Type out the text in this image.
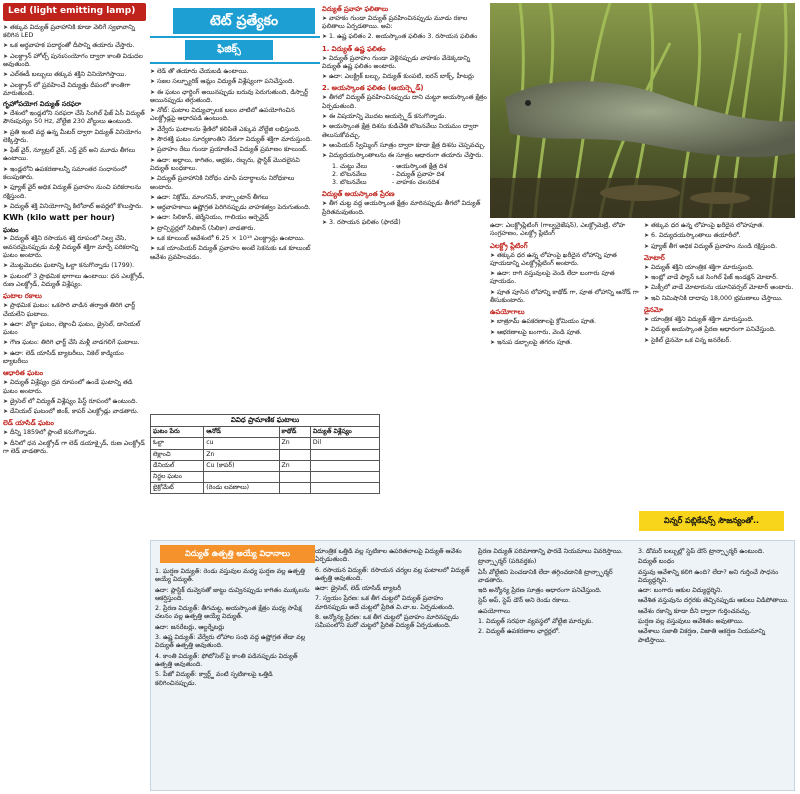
Led (light emitting lamp)
➤ తక్కువ విద్యుత్ ప్రవాహానికి కూడా వెలిగే స్వభావాన్ని కలిగిన LED
➤ ఒక అర్ధవాహక పదార్థంతో దీపాన్ని తయారు చేస్తారు.
➤ ఎలక్ట్రాన్ హోల్స్ పునఃసంయోగం ద్వారా కాంతి విడుదల అవుతుంది.
➤ ఎల్ఈడీ బల్బులు తక్కువ శక్తిని వినియోగిస్తాయి.
➤ ఎలక్ట్రాన్ లో ప్రవహించే విద్యుత్తు దీపంలో కాంతిగా మారుతుంది.
గృహోపయోగ విద్యుత్ సరఫరా
➤ దేశంలో ఇండ్లలోని సరఫరా చేసే సింగిల్ ఫేజ్ ఏసీ విద్యుత్ పౌనఃపున్యం 50 Hz, వోల్టేజి 230 వోల్టులు ఉంటుంది.
➤ ప్రతి ఇంటి వద్ద ఉన్న మీటర్ ద్వారా విద్యుత్ వినియోగం లెక్కిస్తారు.
➤ ఫేజ్ వైర్, న్యూట్రల్ వైర్, ఎర్త్ వైర్ అని మూడు తీగలు ఉంటాయి.
➤ ఇండ్లలోని ఉపకరణాలన్నీ సమాంతర సంధానంలో కలుపుతారు.
➤ ఫ్యూజ్ వైర్ అధిక విద్యుత్ ప్రవాహం నుంచి పరికరాలను రక్షిస్తుంది.
➤ విద్యుత్ శక్తి వినియోగాన్ని కిలోవాట్ అవర్లలో కొలుస్తారు.
KWh (kilo watt per hour)
ఘటం
➤ విద్యుత్ శక్తిని రసాయన శక్తి రూపంలో నిల్వ చేసి, అవసరమైనప్పుడు మళ్లీ విద్యుత్ శక్తిగా మార్చే పరికరాన్ని ఘటం అంటారు.
➤ మొట్టమొదట ఘటాన్ని ఓల్టా కనుగొన్నాడు (1799).
➤ ఘటంలో 3 ప్రాథమిక భాగాలు ఉంటాయి: ధన ఎలక్ట్రోడ్, రుణ ఎలక్ట్రోడ్, విద్యుత్ విశ్లేష్యం.
ఘటాల రకాలు
➤ ప్రాథమిక ఘటం: ఒకసారి వాడిన తర్వాత తిరిగి ఛార్జ్ చేయలేని ఘటాలు.
➤ ఉదా: వోల్టా ఘటం, లెక్లాంచీ ఘటం, డ్రైసెల్, డానియల్ ఘటం
➤ గౌణ ఘటం: తిరిగి ఛార్జ్ చేసి మళ్లీ వాడగలిగే ఘటాలు.
➤ ఉదా: లెడ్ యాసిడ్ బ్యాటరీలు, నికెల్ కాడ్మియం బ్యాటరీలు
ఆధారిత ఘటం
➤ విద్యుత్ విశ్లేష్యం ద్రవ రూపంలో ఉండే ఘటాన్ని తడి ఘటం అంటారు.
➤ డ్రైసెల్ లో విద్యుత్ విశ్లేష్యం పేస్ట్ రూపంలో ఉంటుంది.
➤ డేనియల్ ఘటంలో జింక్, కాపర్ ఎలక్ట్రోడ్లు వాడతారు.
లెడ్ యాసిడ్ ఘటం
➤ దీన్ని 1859లో ప్లాంటే కనుగొన్నాడు.
➤ దీనిలో ధన ఎలక్ట్రోడ్ గా లెడ్ డయాక్సైడ్, రుణ ఎలక్ట్రోడ్ గా లెడ్ వాడతారు.
టెట్ ప్రత్యేకం
ఫిజిక్స్
➤ లెడ్ తో తయారు చేయబడి ఉంటాయి.
➤ సజల సల్ఫ్యూరిక్ ఆమ్లం విద్యుత్ విశ్లేష్యంగా పనిచేస్తుంది.
➤ ఈ ఘటం ఛార్జింగ్ అయినప్పుడు బరువు పెరుగుతుంది, డిస్చార్జ్ అయినప్పుడు తగ్గుతుంది.
➤ నోట్: ఘటాల విద్యుచ్ఛాలక బలం వాటిలో ఉపయోగించిన ఎలక్ట్రోడ్లపై ఆధారపడి ఉంటుంది.
➤ వేర్వేరు ఘటాలను శ్రేణిలో కలిపితే ఎక్కువ వోల్టేజి లభిస్తుంది.
➤ సౌరశక్తి ఘటం సూర్యకాంతిని నేరుగా విద్యుత్ శక్తిగా మారుస్తుంది.
➤ ప్రవాహం రేటు గుండా ప్రయాణించే విద్యుత్ ప్రమాణం కూలుంబ్.
➤ ఉదా: అద్దాలు, కాగితం, అభ్రకం, రబ్బరు, ప్లాస్టిక్ మొదలైనవి విద్యుత్ బంధకాలు.
➤ విద్యుత్ ప్రవాహానికి నిరోధం చూపే పదార్థాలను నిరోధకాలు అంటారు.
➤ ఉదా: నిక్రోమ్, మాంగనిన్, కాన్స్టాంటాన్ తీగలు
➤ అర్ధవాహకాలు ఉష్ణోగ్రత పెరిగినప్పుడు వాహకత్వం పెరుగుతుంది.
➤ ఉదా: సిలికాన్, జెర్మేనియం, గాలియం ఆర్సెనైడ్
➤ ట్రాన్సిస్టర్లలో సిలికాన్ (సిలికా) వాడతారు.
➤ ఒక కూలుంబ్ ఆవేశంలో 6.25 × 10¹⁸ ఎలక్ట్రాన్లు ఉంటాయి.
➤ ఒక యాంపియర్ విద్యుత్ ప్రవాహం అంటే సెకనుకు ఒక కూలుంబ్ ఆవేశం ప్రవహించడం.
విద్యుత్ ప్రవాహ ఫలితాలు
➤ వాహకం గుండా విద్యుత్ ప్రవహించినప్పుడు మూడు రకాల ఫలితాలు ఏర్పడతాయి. అవి:
➤ 1. ఉష్ణ ఫలితం 2. అయస్కాంత ఫలితం 3. రసాయన ఫలితం
1. విద్యుత్ ఉష్ణ ఫలితం
➤ విద్యుత్ ప్రవాహం గుండా వెళ్లినప్పుడు వాహకం వేడెక్కడాన్ని విద్యుత్ ఉష్ణ ఫలితం అంటారు.
➤ ఉదా: ఎలక్ట్రిక్ బల్బు, విద్యుత్ కుంపటి, ఐరన్ బాక్స్, హీటర్లు
2. అయస్కాంత ఫలితం (ఆయర్స్టెడ్)
➤ తీగలో విద్యుత్ ప్రవహించినప్పుడు దాని చుట్టూ అయస్కాంత క్షేత్రం ఏర్పడుతుంది.
➤ ఈ విషయాన్ని మొదట ఆయర్స్టెడ్ కనుగొన్నాడు.
➤ అయస్కాంత క్షేత్ర దిశను కుడిచేతి బొటనవేలు నియమం ద్వారా తెలుసుకోవచ్చు.
➤ ఆంపియర్ స్విమ్మింగ్ సూత్రం ద్వారా కూడా క్షేత్ర దిశను చెప్పవచ్చు.
➤ విద్యుదయస్కాంతాలను ఈ సూత్రం ఆధారంగా తయారు చేస్తారు.
1. చుట్టు వేలు	- అయస్కాంత క్షేత్ర దిశ
2. బొటనవేలు	- విద్యుత్ ప్రవాహ దిశ
3. బొటనవేలు	- వాహకం చలనదిశ
విద్యుత్ అయస్కాంత ప్రేరణ
➤ తీగ చుట్ట వద్ద అయస్కాంత క్షేత్రం మారినప్పుడు తీగలో విద్యుత్ ప్రేరితమవుతుంది.
➤ 3. రసాయన ఫలితం (ఫారడే)
వివిధ ప్రామాణిక ఘటాలు
ఘటం పేరు	ఆనోడ్	కాథోడ్	విద్యుత్ విశ్లేష్యం
ఓల్టా	cu	Zn	Dil
లెక్లాంచి	Zn		
డేనియల్	Cu (కాపర్)	Zn	
నిర్జల ఘటం			
బైక్రోమేట్	(రెండు లవణాలు)		
ఉదా: ఎలక్ట్రోప్లేటింగ్ (గాల్వనైజేషన్), ఎలక్ట్రోమెట్రీ, లోహ సంగ్రహణం, ఎలక్ట్రో ప్లేటింగ్
ఎలక్ట్రో ప్లేటింగ్
➤ తక్కువ ధర ఉన్న లోహంపై ఖరీదైన లోహాన్ని పూత పూయడాన్ని ఎలక్ట్రోప్లేటింగ్ అంటారు.
➤ ఉదా: రాగి వస్తువులపై వెండి లేదా బంగారు పూత పూయడం.
➤ పూత పూసిన లోహాన్ని కాథోడ్ గా, పూత లోహాన్ని ఆనోడ్ గా తీసుకుంటారు.
ఉపయోగాలు
➤ బాత్రూమ్ ఉపకరణాలపై క్రోమియం పూత.
➤ ఆభరణాలపై బంగారు, వెండి పూత.
➤ ఇనుప డబ్బాలపై తగరం పూత.
➤ తక్కువ ధర ఉన్న లోహంపై ఖరీదైన లోహపూత.
➤ 6. విద్యుదయస్కాంతాలు తయారీలో.
➤ ఫ్యూజ్ తీగ అధిక విద్యుత్ ప్రవాహం నుండి రక్షిస్తుంది.
మోటార్
➤ విద్యుత్ శక్తిని యాంత్రిక శక్తిగా మారుస్తుంది.
➤ ఇంట్లో వాడే ఫ్యాన్ ఒక సింగిల్ ఫేజ్ ఇండక్షన్ మోటార్.
➤ మిక్సీలో వాడే మోటారును యూనివర్సల్ మోటార్ అంటారు.
➤ ఇవి నిమిషానికి దాదాపు 18,000 భ్రమణాలు చేస్తాయి.
డైనమో
➤ యాంత్రిక శక్తిని విద్యుత్ శక్తిగా మారుస్తుంది.
➤ విద్యుత్ అయస్కాంత ప్రేరణ ఆధారంగా పనిచేస్తుంది.
➤ సైకిల్ డైనమో ఒక చిన్న జనరేటర్.
విన్నర్ పబ్లికేషన్స్ సౌజన్యంతో..
విద్యుత్ ఉత్పత్తి అయ్యే విధానాలు
1. ఘర్షణ విద్యుత్: రెండు వస్తువుల మధ్య ఘర్షణ వల్ల ఉత్పత్తి అయ్యే విద్యుత్.
ఉదా: ప్లాస్టిక్ దువ్వెనతో జుట్టు దువ్వినప్పుడు కాగితం ముక్కలను ఆకర్షిస్తుంది.
2. ప్రేరణ విద్యుత్: తీగచుట్ట, అయస్కాంత క్షేత్రం మధ్య సాపేక్ష చలనం వల్ల ఉత్పత్తి అయ్యే విద్యుత్.
ఉదా: జనరేటర్లు, ఆల్టర్నేటర్లు
3. ఉష్ణ విద్యుత్: వేర్వేరు లోహాల సంధి వద్ద ఉష్ణోగ్రత తేడా వల్ల విద్యుత్ ఉత్పత్తి అవుతుంది.
4. కాంతి విద్యుత్: ఫోటోసెల్ పై కాంతి పడినప్పుడు విద్యుత్ ఉత్పత్తి అవుతుంది.
5. పీజో విద్యుత్: క్వార్ట్జ్ వంటి స్ఫటికాలపై ఒత్తిడి కలిగించినప్పుడు.
యాంత్రిక ఒత్తిడి వల్ల స్ఫటికాల ఉపరితలాలపై విద్యుత్ ఆవేశం ఏర్పడుతుంది.
6. రసాయన విద్యుత్: రసాయన చర్యల వల్ల ఘటాలలో విద్యుత్ ఉత్పత్తి అవుతుంది.
ఉదా: డ్రైసెల్, లెడ్ యాసిడ్ బ్యాటరీ
7. స్వయం ప్రేరణ: ఒక తీగ చుట్టలో విద్యుత్ ప్రవాహం మారినప్పుడు అదే చుట్టలో ప్రేరిత వి.చా.బ. ఏర్పడుతుంది.
8. అన్యోన్య ప్రేరణ: ఒక తీగ చుట్టలో ప్రవాహం మారినప్పుడు సమీపంలోని మరో చుట్టలో ప్రేరిత విద్యుత్ ఏర్పడుతుంది.
ప్రేరణ విద్యుత్ పరిమాణాన్ని ఫారడే నియమాలు వివరిస్తాయి.
ట్రాన్స్ఫార్మర్ (పరివర్తకం)
ఏసీ వోల్టేజిని పెంచడానికి లేదా తగ్గించడానికి ట్రాన్స్ఫార్మర్ వాడతారు.
ఇది అన్యోన్య ప్రేరణ సూత్రం ఆధారంగా పనిచేస్తుంది.
స్టెప్ అప్, స్టెప్ డౌన్ అని రెండు రకాలు.
ఉపయోగాలు
1. విద్యుత్ సరఫరా వ్యవస్థలో వోల్టేజి మార్పుకు.
2. విద్యుత్ ఉపకరణాల ఛార్జర్లలో.
3. డోమర్ బల్బుల్లో స్టెప్ డౌన్ ట్రాన్స్ఫార్మర్ ఉంటుంది.
విద్యుత్ బంధం
వస్తువు ఆవేశాన్ని కలిగి ఉంది? లేదా? అని గుర్తించే సాధనం విద్యుద్దర్శిని.
ఉదా: బంగారు ఆకుల విద్యుద్దర్శిని.
ఆవేశిత వస్తువును దగ్గరకు తెచ్చినప్పుడు ఆకులు విడిపోతాయి.
ఆవేశం రకాన్ని కూడా దీని ద్వారా గుర్తించవచ్చు.
ఘర్షణ వల్ల వస్తువులు ఆవేశితం అవుతాయి.
ఆవేశాలు సజాతి వికర్షణ, విజాతి ఆకర్షణ నియమాన్ని పాటిస్తాయి.
